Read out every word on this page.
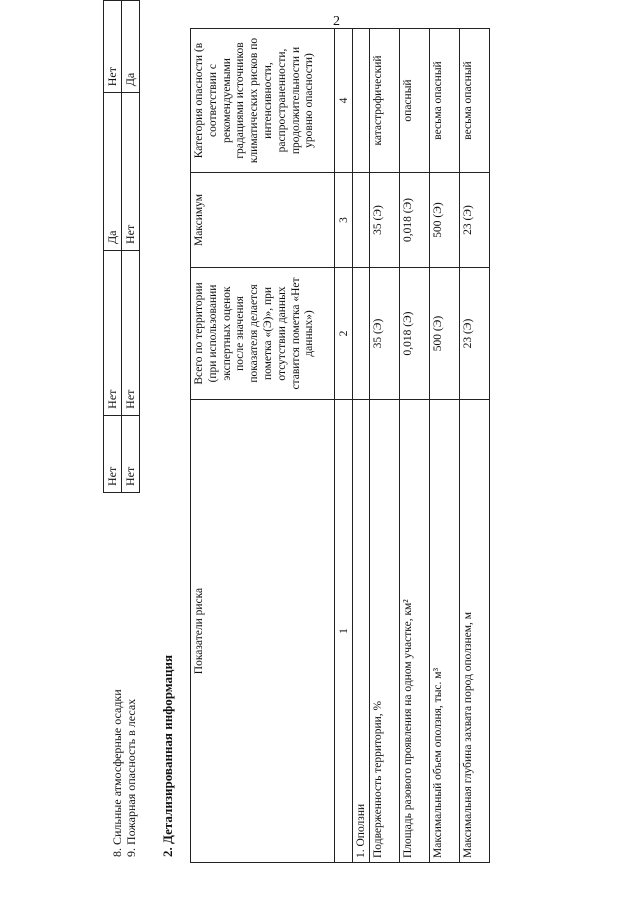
2
8. Сильные атмосферные осадки 9. Пожарная опасность в лесах
Нет	Нет	Да	Нет
Нет	Нет	Нет	Да
2. Детализированная информация
Показатели риска	Всего по территории (при использовании экспертных оценок после значения показателя делается пометка «(Э)», при отсутствии данных ставится пометка «Нет данных»)	Максимум	Категория опасности (в соответствии с рекомендуемыми градациями источников климатических рисков по интенсивности, распространенности, продолжительности и уровню опасности)
1	2	3	4
1. Оползни			
Подверженность территории, %	35 (Э)	35 (Э)	катастрофический
Площадь разового проявления на одном участке, км²	0,018 (Э)	0,018 (Э)	опасный
Максимальный объем оползня, тыс. м³	500 (Э)	500 (Э)	весьма опасный
Максимальная глубина захвата пород оползнем, м	23 (Э)	23 (Э)	весьма опасный
